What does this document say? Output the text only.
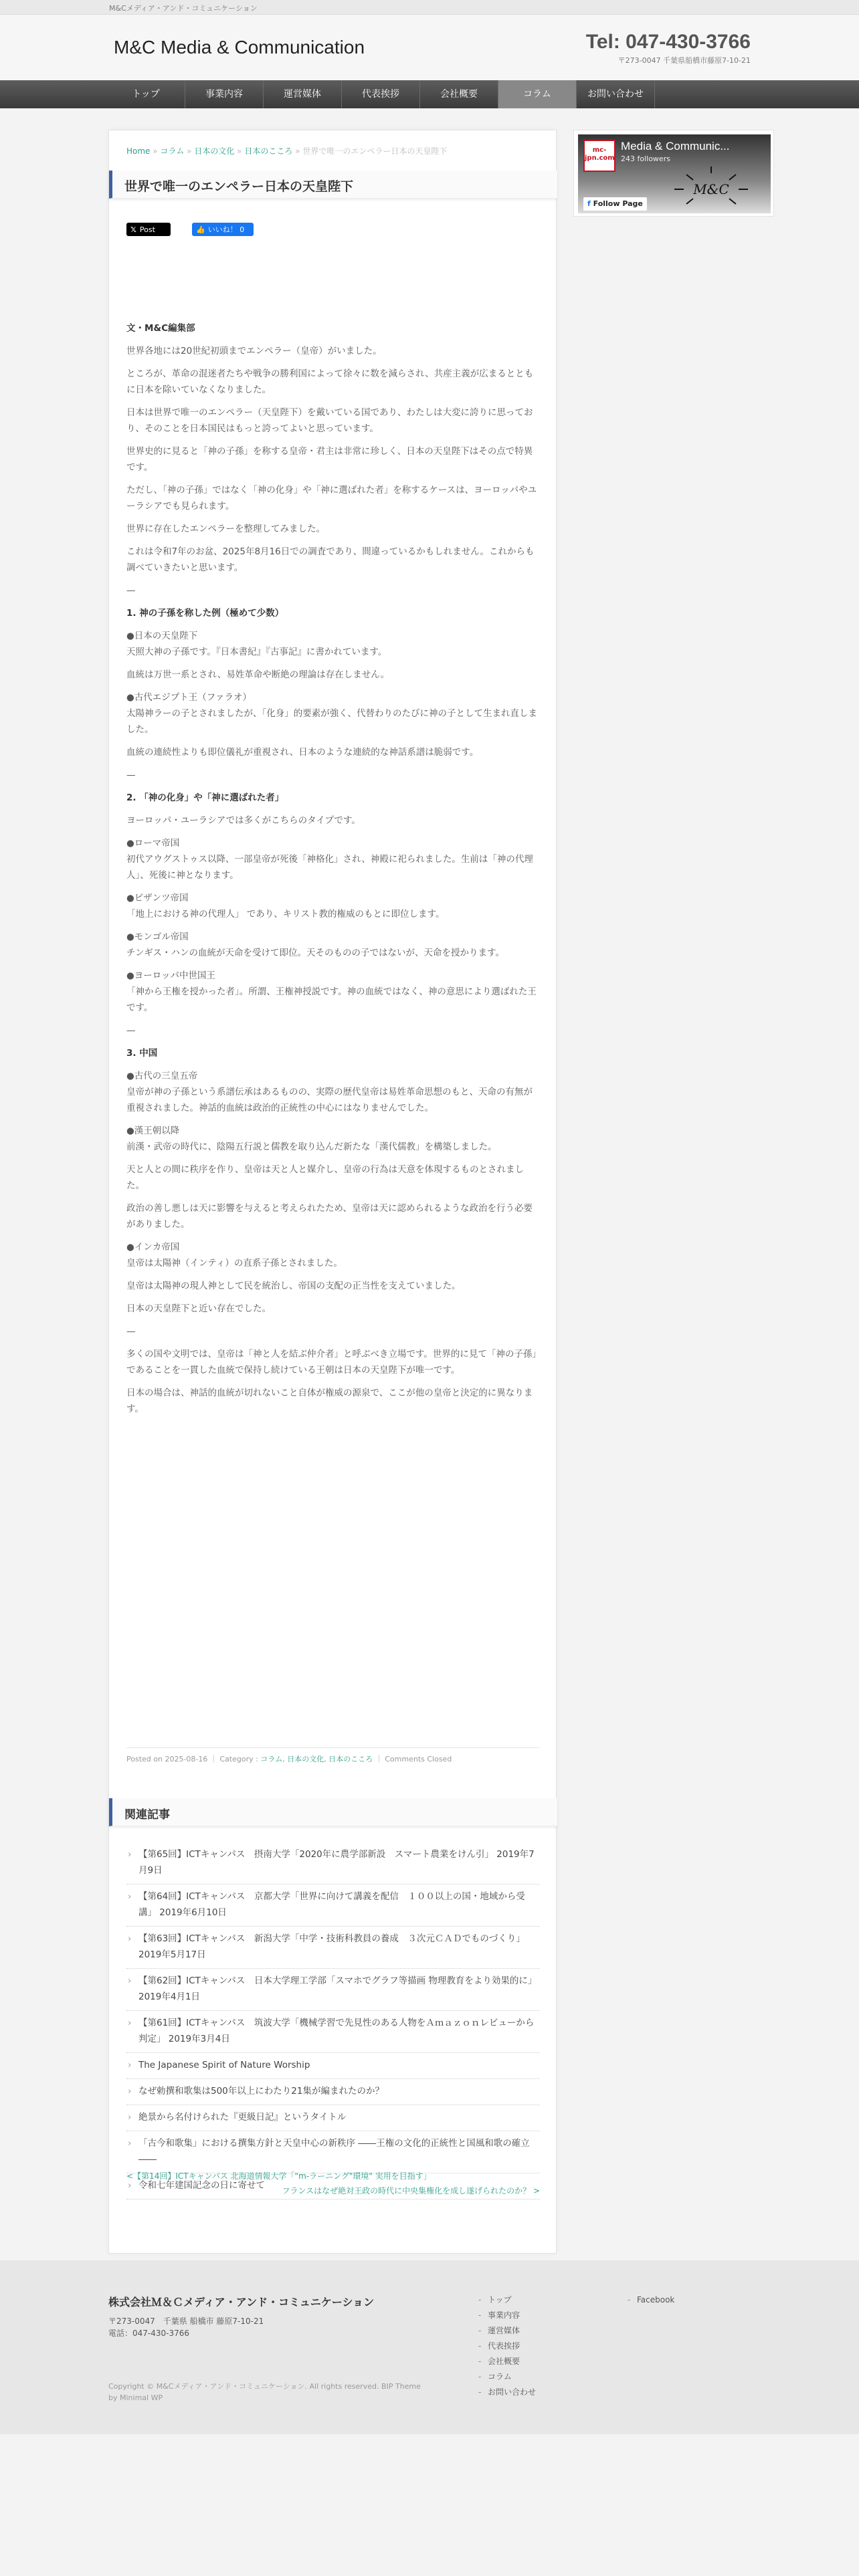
M&Cメディア・アンド・コミュニケーション
M&C Media & Communication	Tel: 047-430-3766
〒273-0047 千葉県船橋市藤原7-10-21
トップ	事業内容	運営媒体	代表挨拶	会社概要	コラム	お問い合わせ
Home » コラム » 日本の文化 » 日本のこころ » 世界で唯一のエンペラー日本の天皇陛下
世界で唯一のエンペラー日本の天皇陛下
𝕏 Post	👍 いいね！ 0

文・M&C編集部

世界各地には20世紀初頭までエンペラー（皇帝）がいました。

ところが、革命の混迷者たちや戦争の勝利国によって徐々に数を減らされ、共産主義が広まるとともに日本を除いていなくなりました。

日本は世界で唯一のエンペラー（天皇陛下）を戴いている国であり、わたしは大変に誇りに思っており、そのことを日本国民はもっと誇ってよいと思っています。

世界史的に見ると「神の子孫」を称する皇帝・君主は非常に珍しく、日本の天皇陛下はその点で特異です。

ただし、「神の子孫」ではなく「神の化身」や「神に選ばれた者」を称するケースは、ヨーロッパやユーラシアでも見られます。

世界に存在したエンペラーを整理してみました。

これは令和7年のお盆、2025年8月16日での調査であり、間違っているかもしれません。これからも調べていきたいと思います。

—

1. 神の子孫を称した例（極めて少数）

●日本の天皇陛下

天照大神の子孫です。『日本書紀』『古事記』に書かれています。

血統は万世一系とされ、易姓革命や断絶の理論は存在しません。

●古代エジプト王（ファラオ）

太陽神ラーの子とされましたが、「化身」的要素が強く、代替わりのたびに神の子として生まれ直しました。

血統の連続性よりも即位儀礼が重視され、日本のような連続的な神話系譜は脆弱です。

—

2. 「神の化身」や「神に選ばれた者」

ヨーロッパ・ユーラシアでは多くがこちらのタイプです。

●ローマ帝国

初代アウグストゥス以降、一部皇帝が死後「神格化」され、神殿に祀られました。生前は「神の代理人」、死後に神となります。

●ビザンツ帝国

「地上における神の代理人」 であり、キリスト教的権威のもとに即位します。

●モンゴル帝国

チンギス・ハンの血統が天命を受けて即位。天そのものの子ではないが、天命を授かります。

●ヨーロッパ中世国王

「神から王権を授かった者」。所謂、王権神授説です。神の血統ではなく、神の意思により選ばれた王です。

—

3. 中国

●古代の三皇五帝

皇帝が神の子孫という系譜伝承はあるものの、実際の歴代皇帝は易姓革命思想のもと、天命の有無が重視されました。神話的血統は政治的正統性の中心にはなりませんでした。

●漢王朝以降

前漢・武帝の時代に、陰陽五行説と儒教を取り込んだ新たな「漢代儒教」を構築しました。

天と人との間に秩序を作り、皇帝は天と人と媒介し、皇帝の行為は天意を体現するものとされました。

政治の善し悪しは天に影響を与えると考えられたため、皇帝は天に認められるような政治を行う必要がありました。

●インカ帝国

皇帝は太陽神（インティ）の直系子孫とされました。

皇帝は太陽神の現人神として民を統治し、帝国の支配の正当性を支えていました。

日本の天皇陛下と近い存在でした。

—

多くの国や文明では、皇帝は「神と人を結ぶ仲介者」と呼ぶべき立場です。世界的に見て「神の子孫」であることを一貫した血統で保持し続けている王朝は日本の天皇陛下が唯一です。

日本の場合は、神話的血統が切れないこと自体が権威の源泉で、ここが他の皇帝と決定的に異なります。

Posted on 2025-08-16 ｜ Category : コラム, 日本の文化, 日本のこころ ｜ Comments Closed
関連記事
› 【第65回】ICTキャンパス　摂南大学「2020年に農学部新設　スマート農業をけん引」 2019年7月9日
› 【第64回】ICTキャンパス　京都大学「世界に向けて講義を配信　１００以上の国・地域から受講」 2019年6月10日
› 【第63回】ICTキャンパス　新潟大学「中学・技術科教員の養成　３次元ＣＡＤでものづくり」 2019年5月17日
› 【第62回】ICTキャンパス　日本大学理工学部「スマホでグラフ等描画 物理教育をより効果的に」 2019年4月1日
› 【第61回】ICTキャンパス　筑波大学「機械学習で先見性のある人物をＡｍａｚｏｎレビューから判定」 2019年3月4日
› The Japanese Spirit of Nature Worship
› なぜ勅撰和歌集は500年以上にわたり21集が編まれたのか？
› 絶景から名付けられた『更級日記』というタイトル
› 「古今和歌集」における撰集方針と天皇中心の新秩序 ――王権の文化的正統性と国風和歌の確立――
› 令和七年建国記念の日に寄せて
<【第14回】ICTキャンパス 北海道情報大学「"m-ラーニング"環境" 実用を目指す」
フランスはなぜ絶対王政の時代に中央集権化を成し遂げられたのか？ >
mc-jpn.com
Media & Communic...
243 followers
M&C
f Follow Page
株式会社Ｍ＆Ｃメディア・アンド・コミュニケーション
〒273-0047　千葉県 船橋市 藤原7-10-21
電話：047-430-3766
Copyright © M&Cメディア・アンド・コミュニケーション. All rights reserved. BIP Theme by Minimal WP
- トップ
- 事業内容
- 運営媒体
- 代表挨拶
- 会社概要
- コラム
- お問い合わせ
- Facebook
